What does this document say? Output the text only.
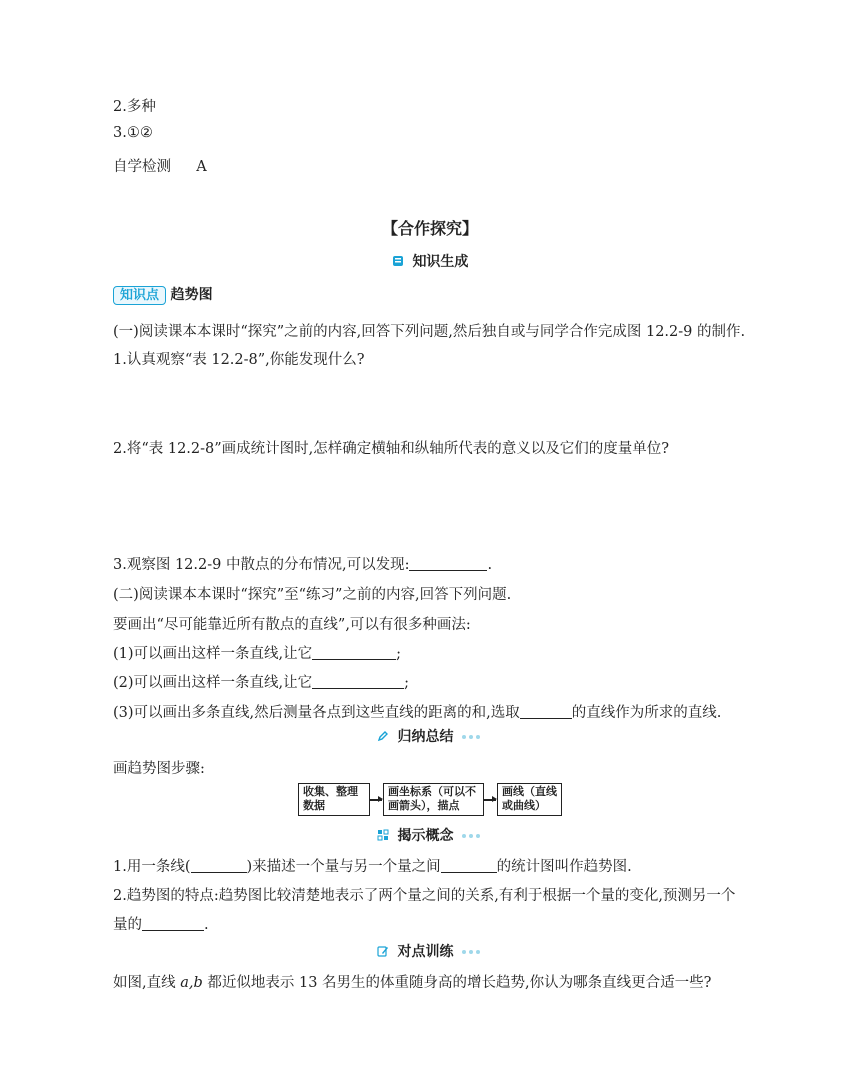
2.多种
3.①②
自学检测 A
【合作探究】
知识生成
知识点 趋势图
(一)阅读课本本课时“探究”之前的内容,回答下列问题,然后独自或与同学合作完成图 12.2-9 的制作.
1.认真观察“表 12.2-8”,你能发现什么?
2.将“表 12.2-8”画成统计图时,怎样确定横轴和纵轴所代表的意义以及它们的度量单位?
3.观察图 12.2-9 中散点的分布情况,可以发现:	.
(二)阅读课本本课时“探究”至“练习”之前的内容,回答下列问题.
要画出“尽可能靠近所有散点的直线”,可以有很多种画法:
(1)可以画出这样一条直线,让它	;
(2)可以画出这样一条直线,让它	;
(3)可以画出多条直线,然后测量各点到这些直线的距离的和,选取	的直线作为所求的直线.
归纳总结
画趋势图步骤:
收集、整理数据
画坐标系（可以不画箭头），描点
画线（直线或曲线）
揭示概念
1.用一条线(	)来描述一个量与另一个量之间	的统计图叫作趋势图.
2.趋势图的特点:趋势图比较清楚地表示了两个量之间的关系,有利于根据一个量的变化,预测另一个
量的	.
对点训练
如图,直线 a,b 都近似地表示 13 名男生的体重随身高的增长趋势,你认为哪条直线更合适一些?
